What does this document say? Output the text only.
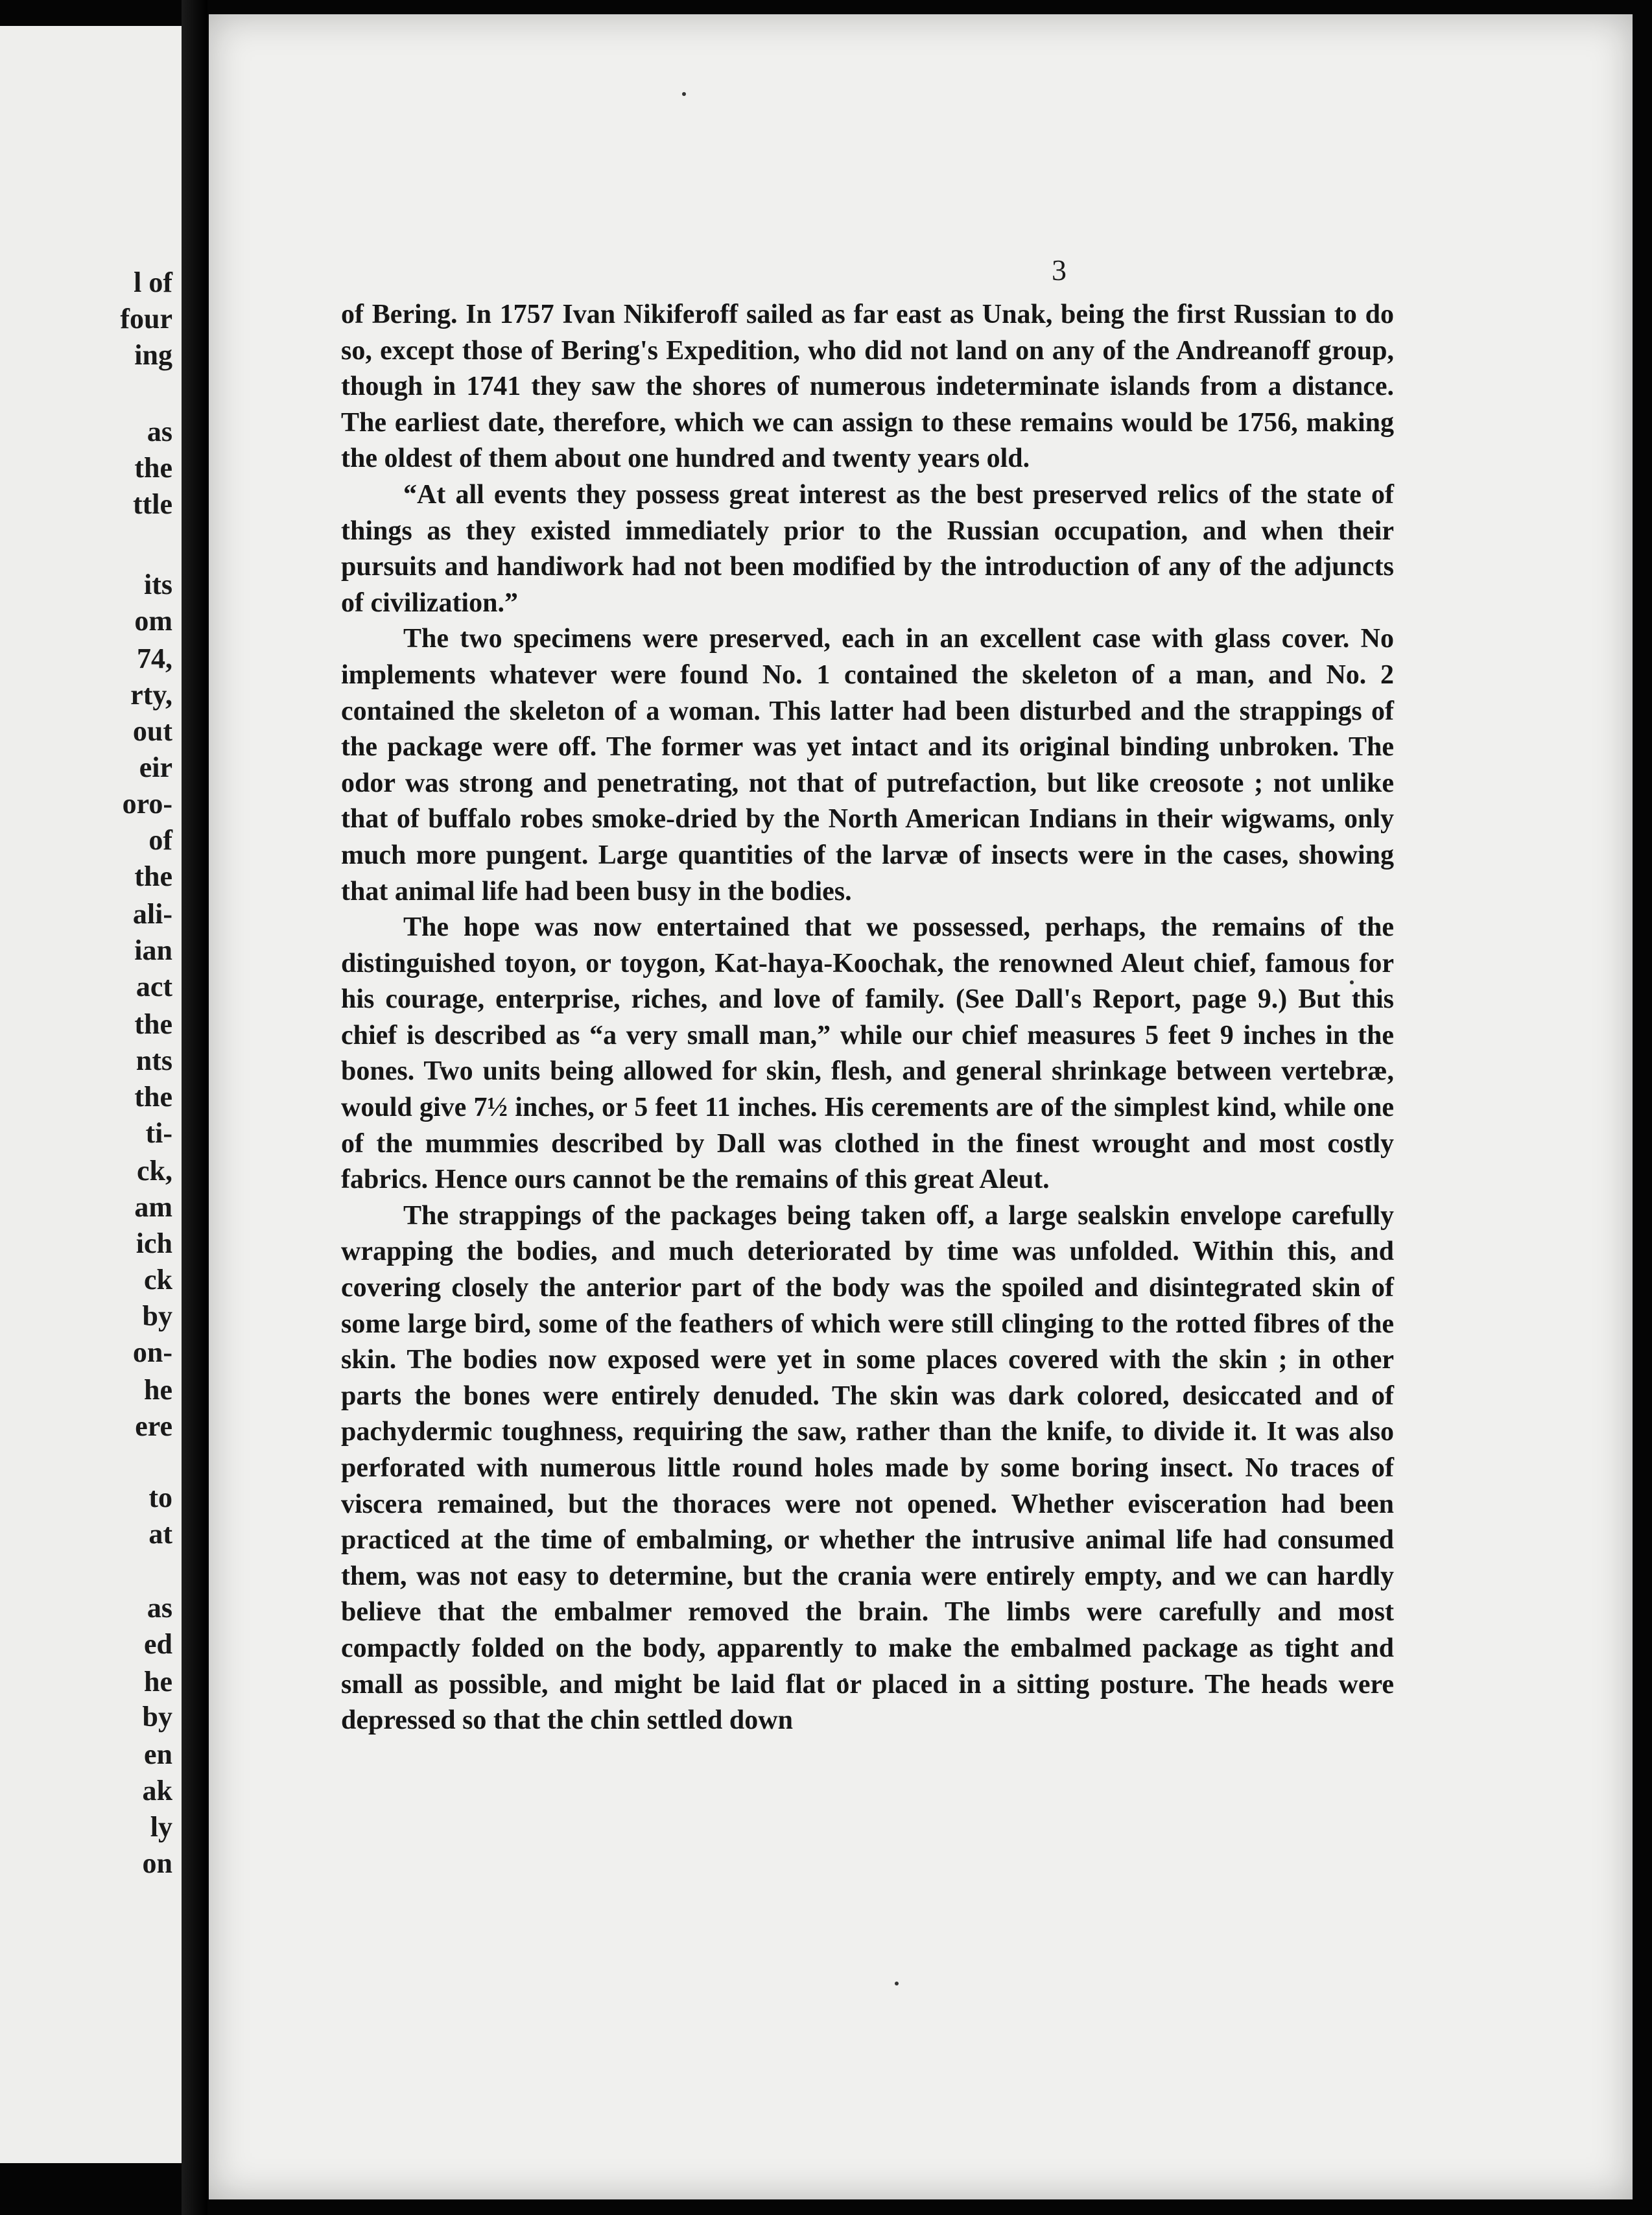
l of
four
ing
as
the
ttle
its
om
74,
rty,
out
eir
oro-
of
the
ali-
ian
act
the
nts
the
ti-
ck,
am
ich
ck
by
on-
he
ere
to
at
as
ed
he
by
en
ak
ly
on
3

of Bering. In 1757 Ivan Nikiferoff sailed as far east as Unak, being the first Russian to do so, except those of Bering's Expedition, who did not land on any of the Andreanoff group, though in 1741 they saw the shores of numerous indeterminate islands from a distance. The earliest date, therefore, which we can assign to these remains would be 1756, making the oldest of them about one hundred and twenty years old.

“At all events they possess great interest as the best preserved relics of the state of things as they existed immediately prior to the Russian occupation, and when their pursuits and handiwork had not been modified by the introduction of any of the adjuncts of civilization.”

The two specimens were preserved, each in an excellent case with glass cover. No implements whatever were found No. 1 contained the skeleton of a man, and No. 2 contained the skeleton of a woman. This latter had been disturbed and the strappings of the package were off. The former was yet intact and its original binding unbroken. The odor was strong and penetrating, not that of putrefaction, but like creosote ; not unlike that of buffalo robes smoke-dried by the North American Indians in their wigwams, only much more pungent. Large quantities of the larvæ of insects were in the cases, showing that animal life had been busy in the bodies.

The hope was now entertained that we possessed, perhaps, the remains of the distinguished toyon, or toygon, Kat-haya-Koochak, the renowned Aleut chief, famous for his courage, enterprise, riches, and love of family. (See Dall's Report, page 9.) But this chief is described as “a very small man,” while our chief measures 5 feet 9 inches in the bones. Two units being allowed for skin, flesh, and general shrinkage between vertebræ, would give 7½ inches, or 5 feet 11 inches. His cerements are of the simplest kind, while one of the mummies described by Dall was clothed in the finest wrought and most costly fabrics. Hence ours cannot be the remains of this great Aleut.

The strappings of the packages being taken off, a large sealskin envelope carefully wrapping the bodies, and much deteriorated by time was unfolded. Within this, and covering closely the anterior part of the body was the spoiled and disintegrated skin of some large bird, some of the feathers of which were still clinging to the rotted fibres of the skin. The bodies now exposed were yet in some places covered with the skin ; in other parts the bones were entirely denuded. The skin was dark colored, desiccated and of pachydermic toughness, requiring the saw, rather than the knife, to divide it. It was also perforated with numerous little round holes made by some boring insect. No traces of viscera remained, but the thoraces were not opened. Whether evisceration had been practiced at the time of embalming, or whether the intrusive animal life had consumed them, was not easy to determine, but the crania were entirely empty, and we can hardly believe that the embalmer removed the brain. The limbs were carefully and most compactly folded on the body, apparently to make the embalmed package as tight and small as possible, and might be laid flat or placed in a sitting posture. The heads were depressed so that the chin settled down
